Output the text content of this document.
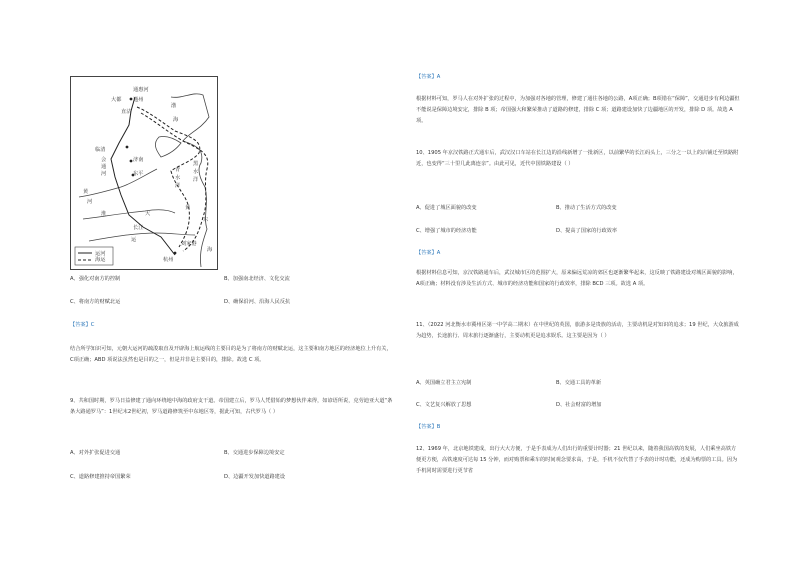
通惠河
大都 通州
直沽
渤
海
临清
济南
会
通
河	东平
黄
河
淮
青
水
洋
黑
水
洋
黄
大
东
运
杭州
海
长江
刘家港
运河
海运
A、强化对南方的控制	B、加强南北经济、文化交流
C、将南方的财赋北运	D、确保沿河、沿海人民反抗
【答案】C
结合所学知识可知，元朝大运河的疏浚取直及开辟海上航运线的主要目的是为了将南方的财赋北运，这主要和南方地区的经济地位上升有关，C项正确；ABD 项说法虽然也是目的之一，但是并非是主要目的，排除。故选 C 项。
9、共和国时期，罗马日益修建了通向环绕地中海的政府支干道。帝国建立后，罗马人凭借始的梦想伙伴来得，如谚语所说，克劳迪亚大道“条条大路通罗马”：1世纪末2世纪初，罗马道路修筑至中东地区等，据此可知，古代罗马（ ）
A、对外扩张促进交通	B、交通进步保障边境安定
C、道路修建推持帝国繁荣	D、边疆开发加快道路建设
【答案】A
根据材料可知，罗马人在对外扩张的过程中，为加强对各地的管理，修建了通往各地的公路，A项正确；B项错在“保障”，交通进步有利边疆但不能说是保障边境安定，排除 B 项；帝国强大和繁荣推动了道路的修建，排除 C 项；道路建设加快了边疆地区的开发，排除 D 项。故选 A 项。
10、1905 年京汉铁路正式通车后，武汉汉口车站在长江边的沿线新增了一批新区，以前繁华的长江码头上，三分之一以上的店铺迁至铁路附近，也变得“三十里几此离连亲”。由此可见，近代中国铁路建设（ ）
A、促进了城区面貌的改变	B、推动了生活方式的改变
C、增强了城市的经济功能	D、提高了国家的行政效率
【答案】A
根据材料信息可知，京汉铁路通车后，武汉城市区的范围扩大，原来偏远荒凉的郊区也逐渐繁华起来，这反映了铁路建设对城区面貌的影响，A项正确；材料没有涉及生活方式、城市的经济功能和国家的行政效率，排除 BCD 三项。故选 A 项。
11、（2022 河北衡水市冀州区第一中学高二期末）在中世纪的英国，旅游多是贵族的活动，主要动机是对知识的追求；19 世纪，大众旅游成为趋势，长途旅行、周末旅行逐渐盛行，主要动机更是追求娱乐。这主要是因为（ ）
A、英国确立君主立宪制	B、交通工具的革新
C、文艺复兴解放了思想	D、社会财富的增加
【答案】B
12、1969 年，北京地铁建成，出行大大方便，于是手表成为人们出行的重要计时器；21 世纪以来，随着我国高铁的发展，人们乘坐高铁方便更方便，高铁速度可达每 15 分钟，而对购票和乘车的时间观念要求高，于是，手机不仅代替了手表的计时功能，还成为购票的工具。因为手机同时需要进行更节省
